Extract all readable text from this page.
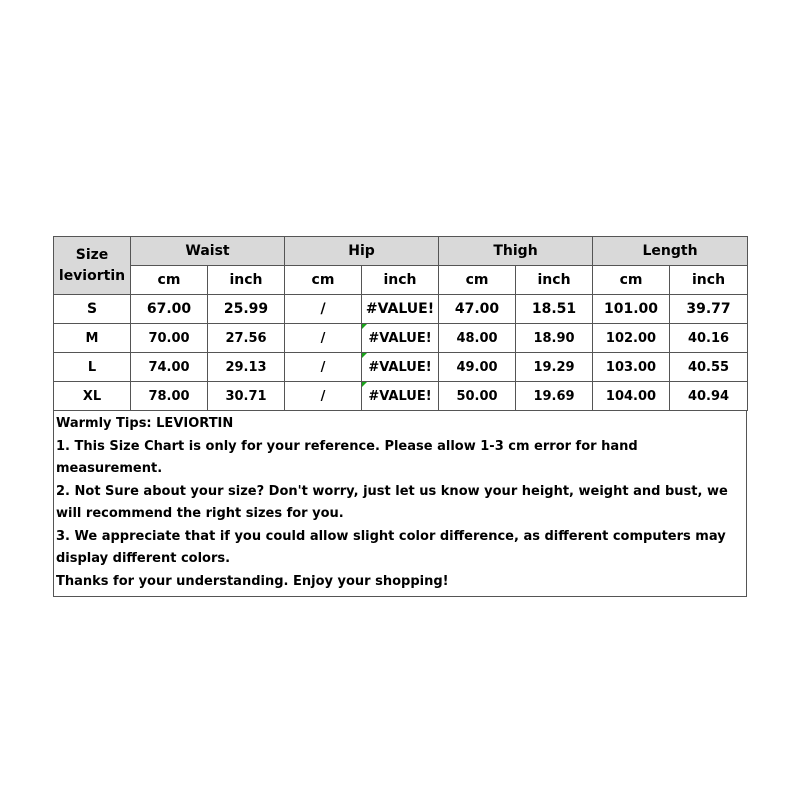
Size
leviortin	Waist		Hip		Thigh		Length	
	cm	inch	cm	inch	cm	inch	cm	inch
S	67.00	25.99	/	#VALUE!	47.00	18.51	101.00	39.77
M	70.00	27.56	/	#VALUE!	48.00	18.90	102.00	40.16
L	74.00	29.13	/	#VALUE!	49.00	19.29	103.00	40.55
XL	78.00	30.71	/	#VALUE!	50.00	19.69	104.00	40.94

Warmly Tips: LEVIORTIN

1. This Size Chart is only for your reference. Please allow 1-3 cm error for hand measurement.

2. Not Sure about your size? Don't worry, just let us know your height, weight and bust, we will recommend the right sizes for you.

3. We appreciate that if you could allow slight color difference, as different computers may display different colors.

Thanks for your understanding. Enjoy your shopping!
